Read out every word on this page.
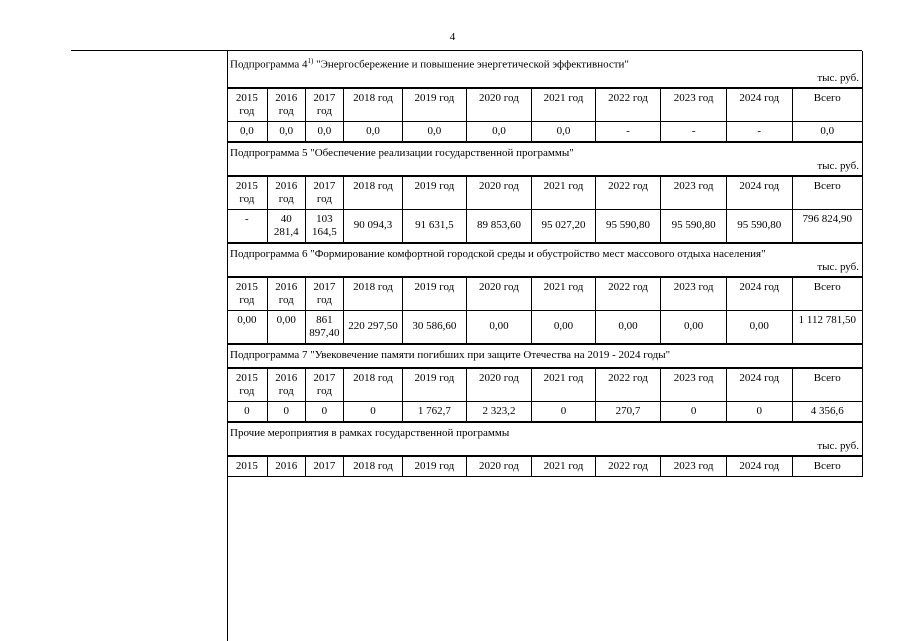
4
Подпрограмма 4$^{1)}$ "Энергосбережение и повышение энергетической эффективности"
тыс. руб.
2015 год	2016 год	2017 год	2018 год	2019 год	2020 год	2021 год	2022 год	2023 год	2024 год	Всего
0,0	0,0	0,0	0,0	0,0	0,0	0,0	-	-	-	0,0
Подпрограмма 5 "Обеспечение реализации государственной программы"
тыс. руб.
2015 год	2016 год	2017 год	2018 год	2019 год	2020 год	2021 год	2022 год	2023 год	2024 год	Всего
-	40 281,4	103 164,5	90 094,3	91 631,5	89 853,60	95 027,20	95 590,80	95 590,80	95 590,80	796 824,90
Подпрограмма 6 "Формирование комфортной городской среды и обустройство мест массового отдыха населения"
тыс. руб.
2015 год	2016 год	2017 год	2018 год	2019 год	2020 год	2021 год	2022 год	2023 год	2024 год	Всего
0,00	0,00	861 897,40	220 297,50	30 586,60	0,00	0,00	0,00	0,00	0,00	1 112 781,50
Подпрограмма 7 "Увековечение памяти погибших при защите Отечества на 2019 - 2024 годы"
2015 год	2016 год	2017 год	2018 год	2019 год	2020 год	2021 год	2022 год	2023 год	2024 год	Всего
0	0	0	0	1 762,7	2 323,2	0	270,7	0	0	4 356,6
Прочие мероприятия в рамках государственной программы
тыс. руб.
2015	2016	2017	2018 год	2019 год	2020 год	2021 год	2022 год	2023 год	2024 год	Всего
